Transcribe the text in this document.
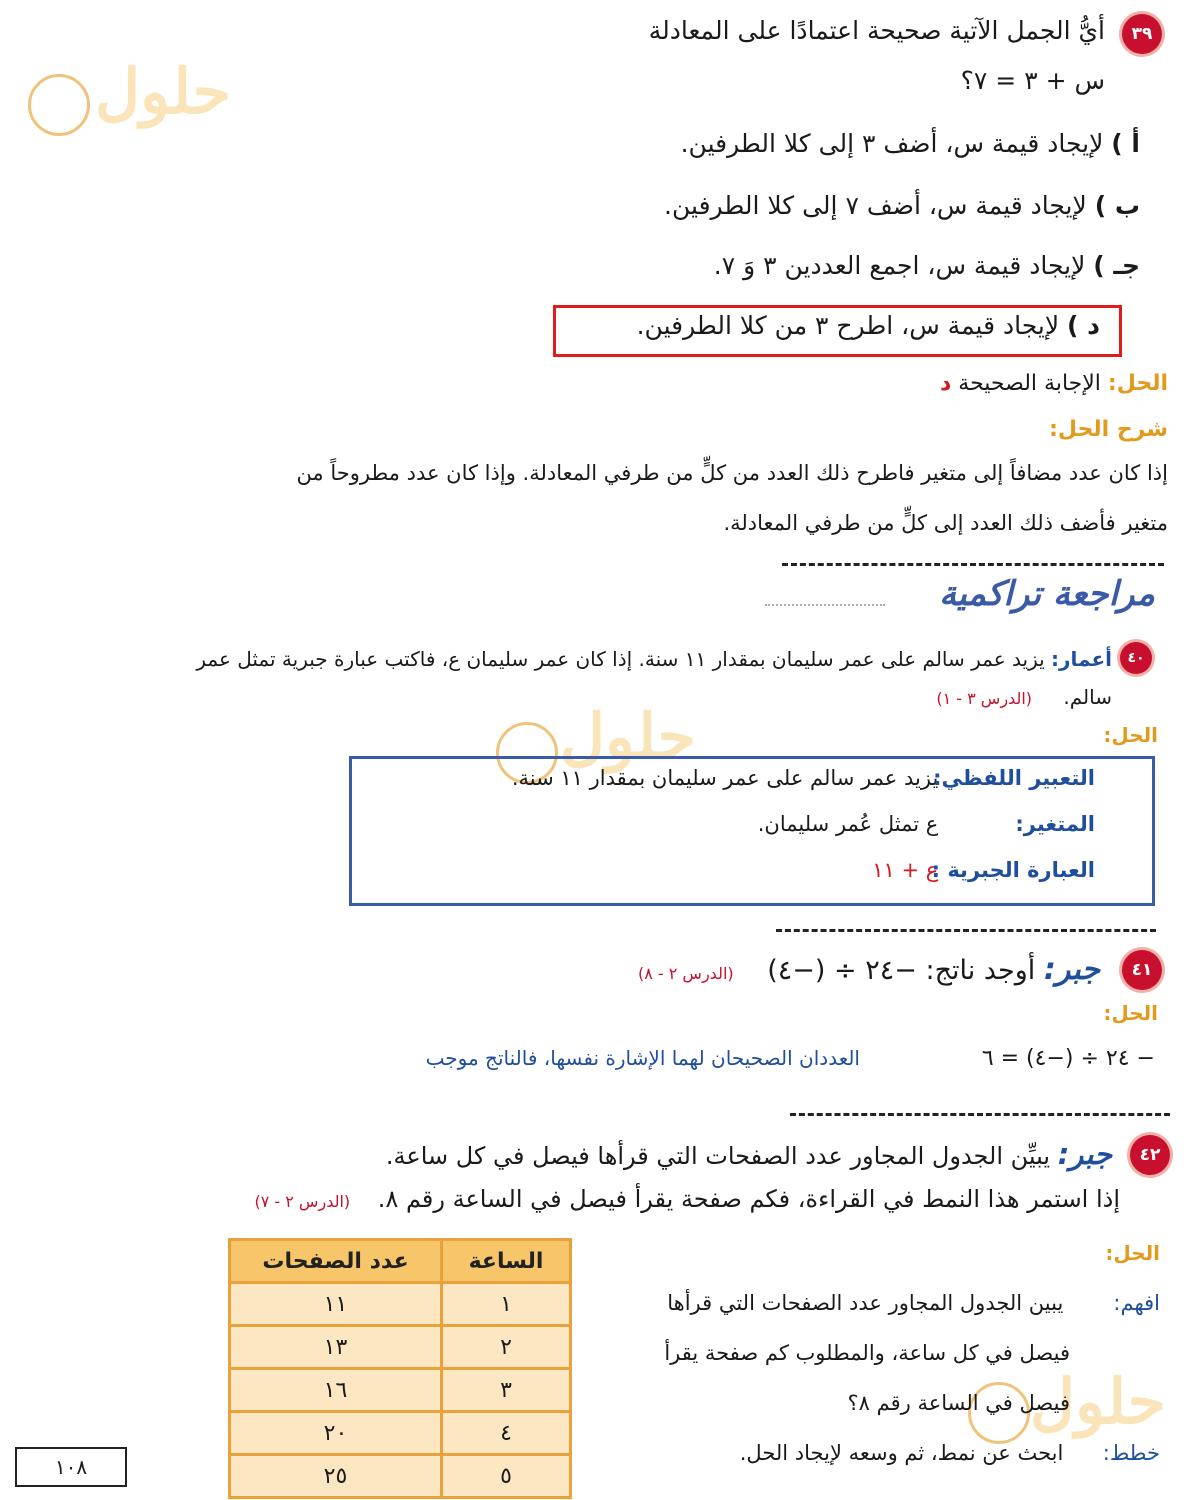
حلول
حلول
حلول
٣٩
أيُّ الجمل الآتية صحيحة اعتمادًا على المعادلة
س + ٣ = ٧؟
أ ) لإيجاد قيمة س، أضف ٣ إلى كلا الطرفين.
ب ) لإيجاد قيمة س، أضف ٧ إلى كلا الطرفين.
جـ ) لإيجاد قيمة س، اجمع العددين ٣ وَ ٧.
د ) لإيجاد قيمة س، اطرح ٣ من كلا الطرفين.
الحل: الإجابة الصحيحة د
شرح الحل:
إذا كان عدد مضافاً إلى متغير فاطرح ذلك العدد من كلٍّ من طرفي المعادلة. وإذا كان عدد مطروحاً من
متغير فأضف ذلك العدد إلى كلٍّ من طرفي المعادلة.
مراجعة تراكمية
٤٠
أعمار: يزيد عمر سالم على عمر سليمان بمقدار ١١ سنة. إذا كان عمر سليمان ع، فاكتب عبارة جبرية تمثل عمر
سالم. (الدرس ٣ - ١)
الحل:
التعبير اللفظي: يزيد عمر سالم على عمر سليمان بمقدار ١١ سنة.
المتغير: ع تمثل عُمر سليمان.
العبارة الجبرية : ع + ١١
٤١
جبر: أوجد ناتج: −٢٤ ÷ (−٤) (الدرس ٢ - ٨)
الحل:
− ٢٤ ÷ (−٤) = ٦
العددان الصحيحان لهما الإشارة نفسها، فالناتج موجب
٤٢
جبر: يبيِّن الجدول المجاور عدد الصفحات التي قرأها فيصل في كل ساعة.
إذا استمر هذا النمط في القراءة، فكم صفحة يقرأ فيصل في الساعة رقم ٨. (الدرس ٢ - ٧)
الساعة	عدد الصفحات
١	١١
٢	١٣
٣	١٦
٤	٢٠
٥	٢٥
الحل:
افهم: يبين الجدول المجاور عدد الصفحات التي قرأها
فيصل في كل ساعة، والمطلوب كم صفحة يقرأ
فيصل في الساعة رقم ٨؟
خطط: ابحث عن نمط، ثم وسعه لإيجاد الحل.
١٠٨
